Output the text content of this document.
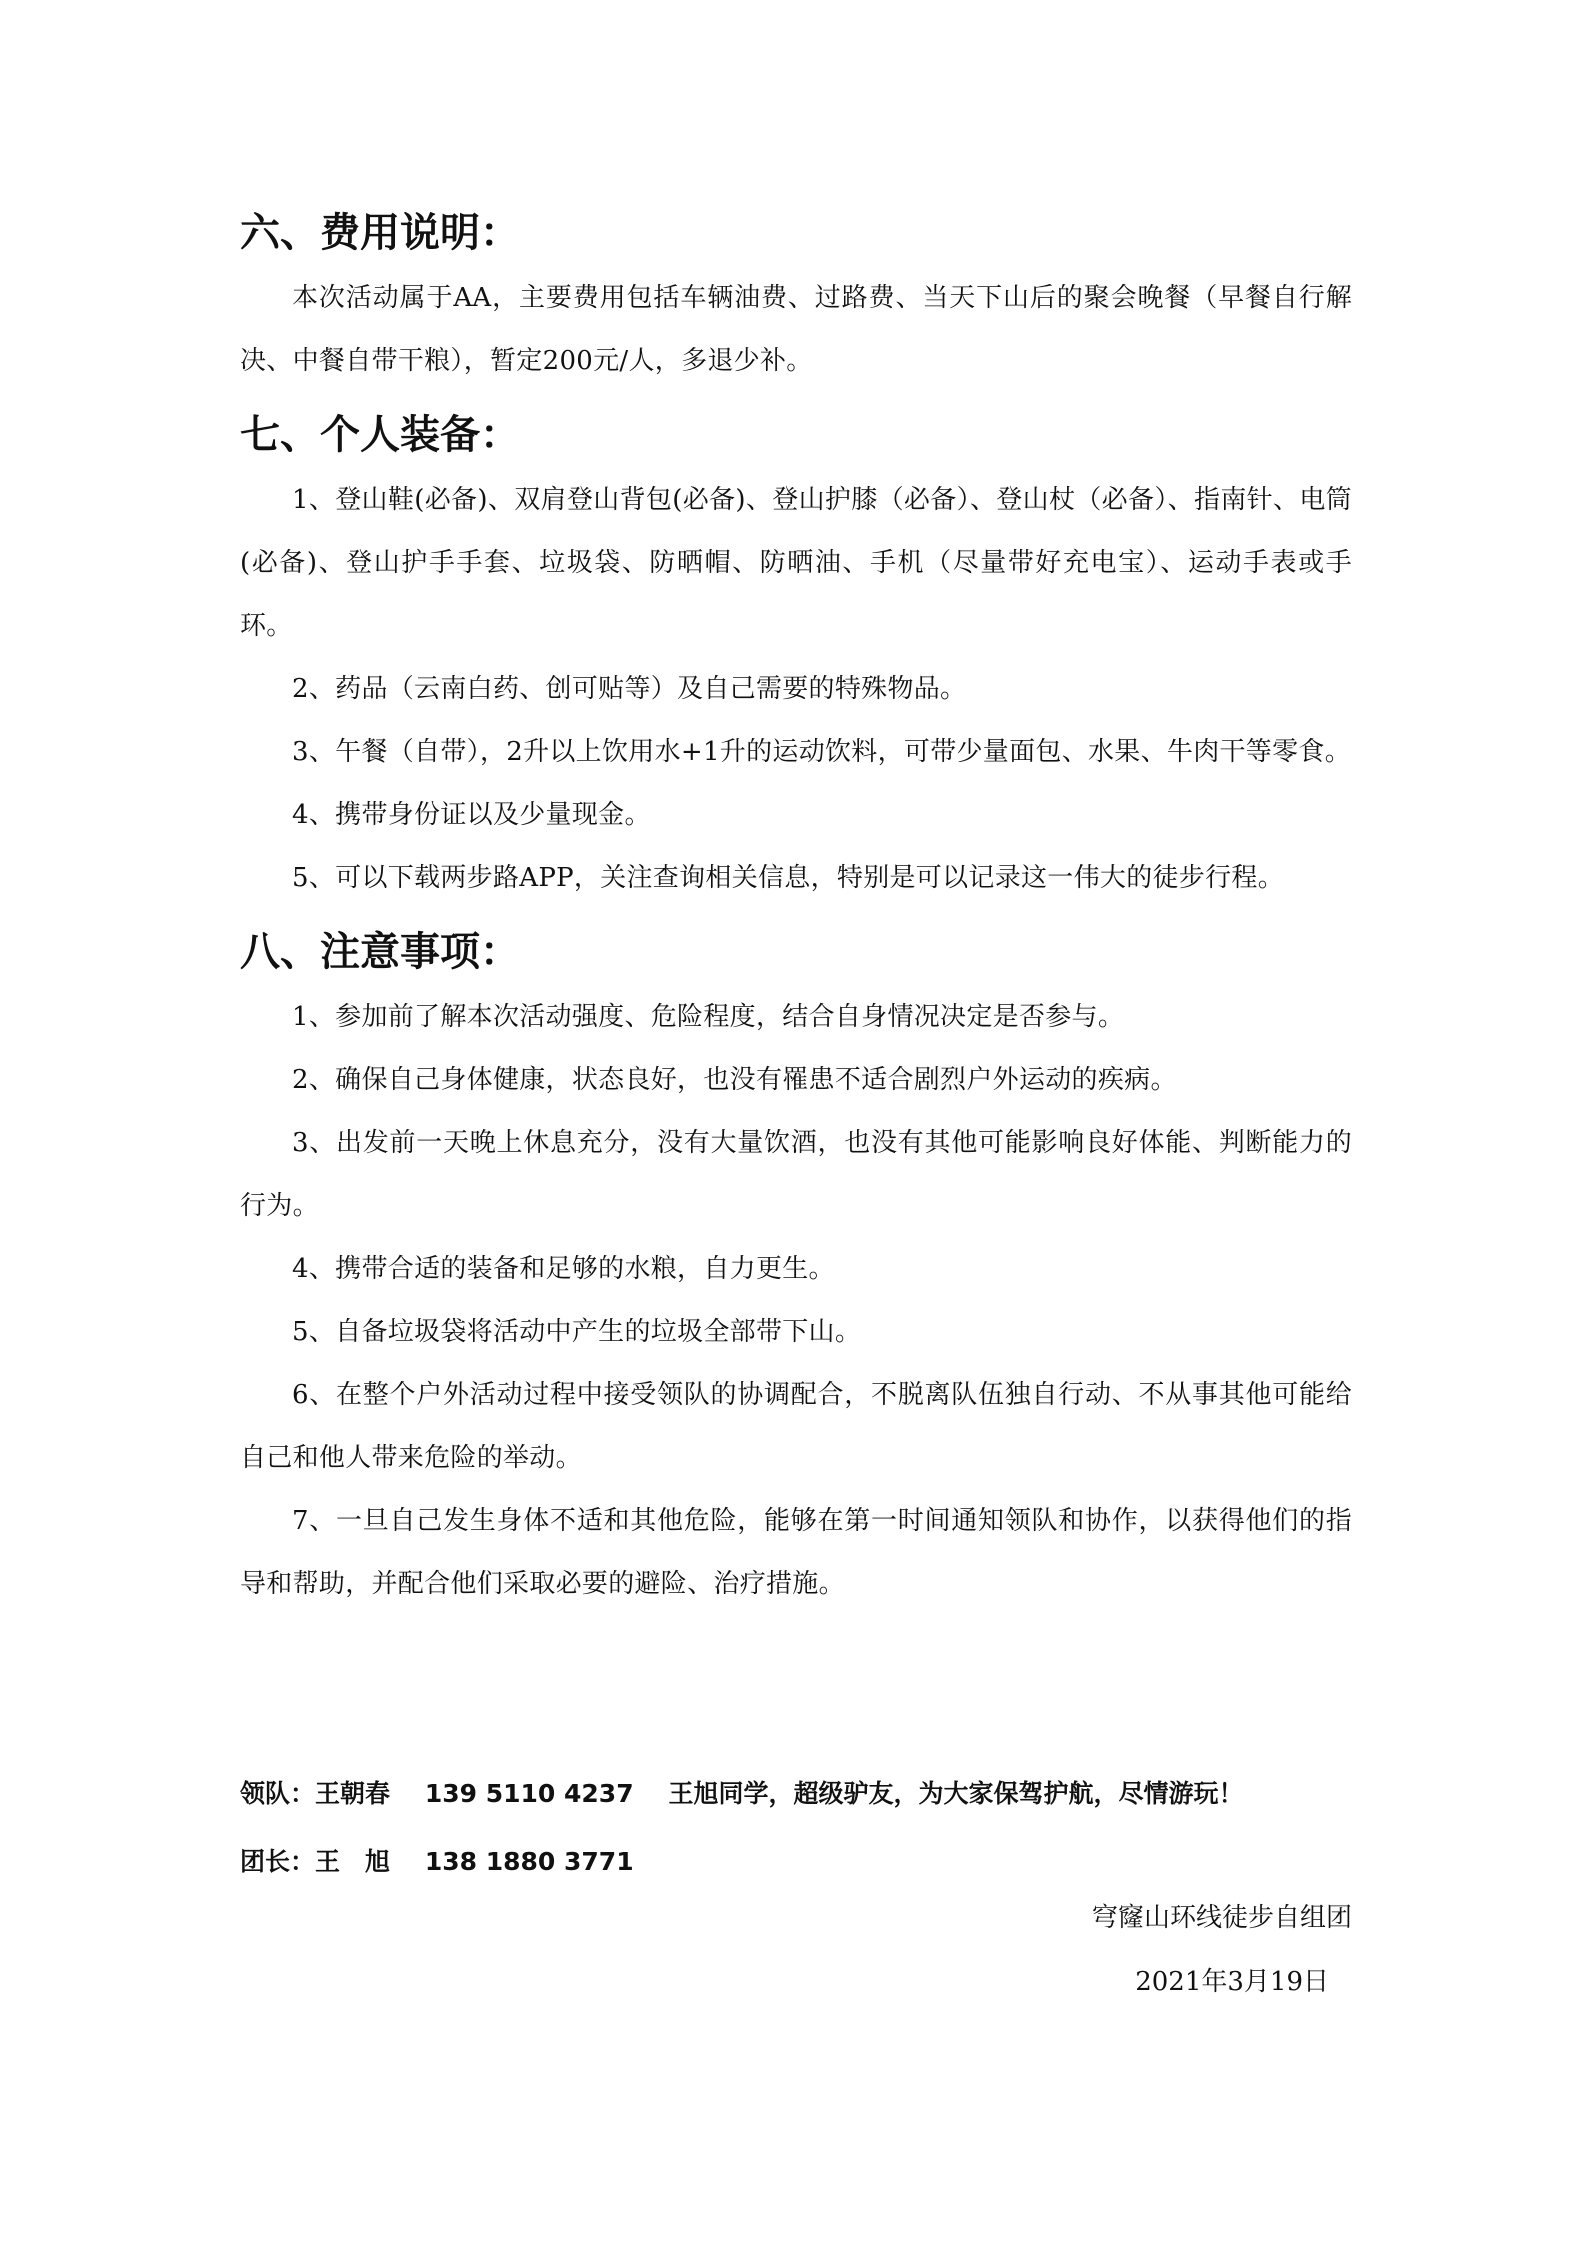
六、费用说明：

本次活动属于AA，主要费用包括车辆油费、过路费、当天下山后的聚会晚餐（早餐自行解决、中餐自带干粮），暂定200元/人，多退少补。

七、个人装备：

1、登山鞋(必备)、双肩登山背包(必备)、登山护膝（必备）、登山杖（必备）、指南针、电筒(必备)、登山护手手套、垃圾袋、防晒帽、防晒油、手机（尽量带好充电宝）、运动手表或手环。

2、药品（云南白药、创可贴等）及自己需要的特殊物品。

3、午餐（自带），2升以上饮用水+1升的运动饮料，可带少量面包、水果、牛肉干等零食。

4、携带身份证以及少量现金。

5、可以下载两步路APP，关注查询相关信息，特别是可以记录这一伟大的徒步行程。

八、注意事项：

1、参加前了解本次活动强度、危险程度，结合自身情况决定是否参与。

2、确保自己身体健康，状态良好，也没有罹患不适合剧烈户外运动的疾病。

3、出发前一天晚上休息充分，没有大量饮酒，也没有其他可能影响良好体能、判断能力的行为。

4、携带合适的装备和足够的水粮，自力更生。

5、自备垃圾袋将活动中产生的垃圾全部带下山。

6、在整个户外活动过程中接受领队的协调配合，不脱离队伍独自行动、不从事其他可能给自己和他人带来危险的举动。

7、一旦自己发生身体不适和其他危险，能够在第一时间通知领队和协作，以获得他们的指导和帮助，并配合他们采取必要的避险、治疗措施。

领队：王朝春 139 5110 4237 王旭同学，超级驴友，为大家保驾护航，尽情游玩！
团长：王　旭 138 1880 3771
穹窿山环线徒步自组团
2021年3月19日
